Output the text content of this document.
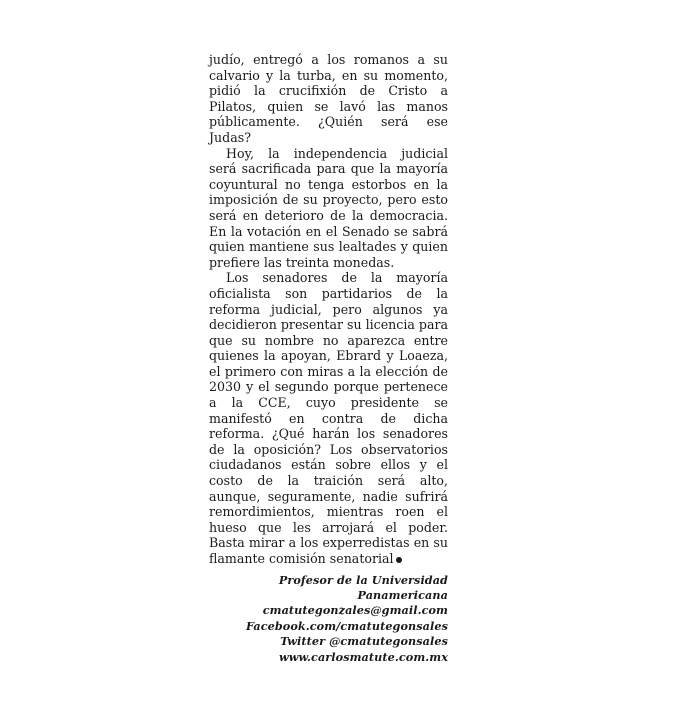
judío, entregó a los romanos a su calvario y la turba, en su momento, pidió la crucifixión de Cristo a Pilatos, quien se lavó las manos públicamente. ¿Quién será ese Judas?

Hoy, la independencia judicial será sacrificada para que la mayoría coyuntural no tenga estorbos en la imposición de su proyecto, pero esto será en deterioro de la democracia. En la votación en el Senado se sabrá quien mantiene sus lealtades y quien prefiere las treinta monedas.

Los senadores de la mayoría oficialista son partidarios de la reforma judicial, pero algunos ya decidieron presentar su licencia para que su nombre no aparezca entre quienes la apoyan, Ebrard y Loaeza, el primero con miras a la elección de 2030 y el segundo porque pertenece a la CCE, cuyo presidente se manifestó en contra de dicha reforma. ¿Qué harán los senadores de la oposición? Los observatorios ciudadanos están sobre ellos y el costo de la traición será alto, aunque, seguramente, nadie sufrirá remordimientos, mientras roen el hueso que les arrojará el poder. Basta mirar a los experredistas en su flamante comisión senatorial

Profesor de la Universidad
Panamericana
cmatutegonzales@gmail.com
Facebook.com/cmatutegonsales
Twitter @cmatutegonsales
www.carlosmatute.com.mx
